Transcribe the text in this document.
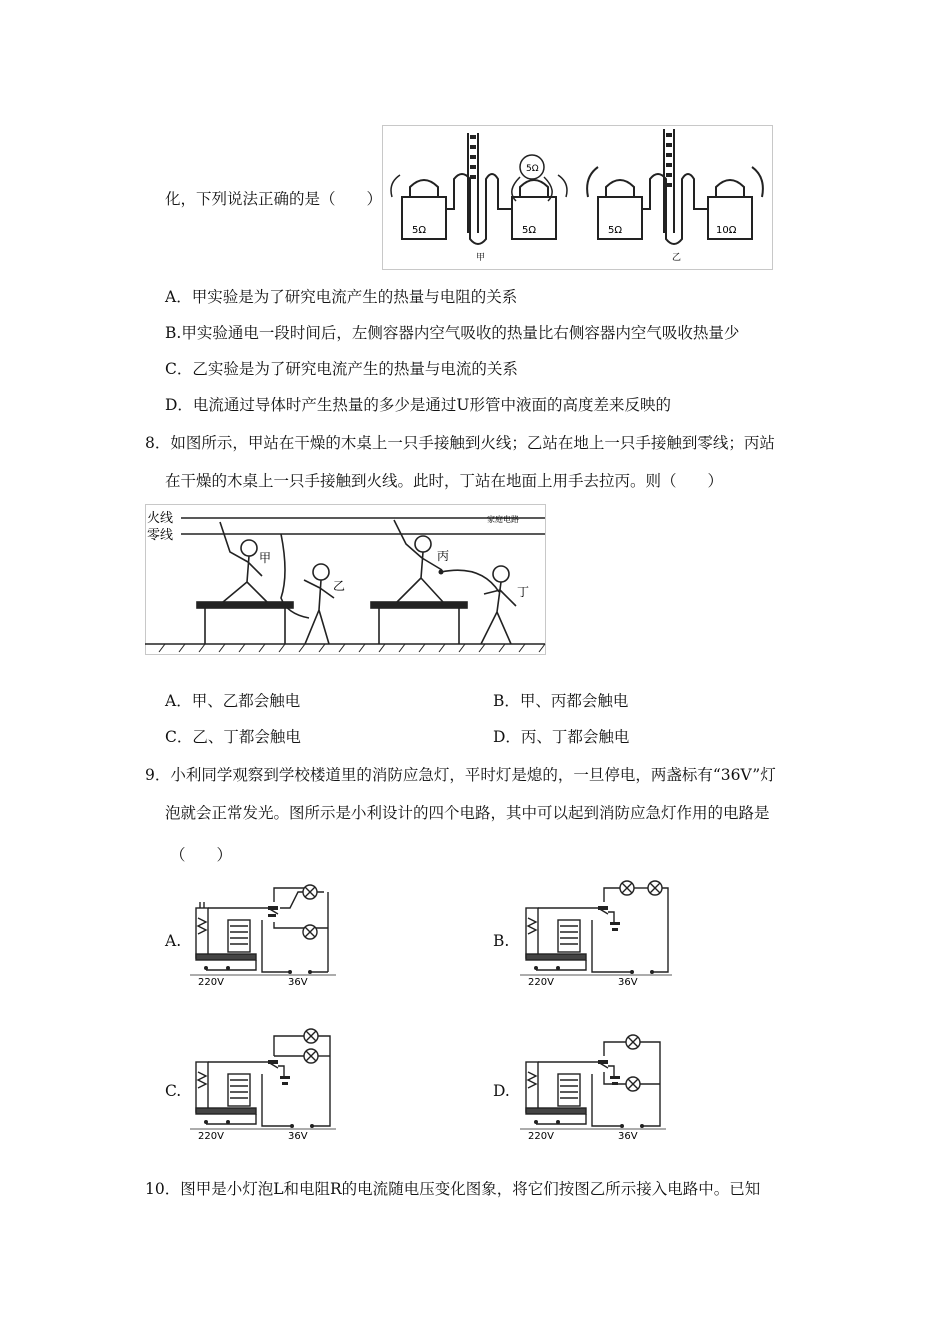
化，下列说法正确的是（　　）
5Ω
5Ω	5Ω
甲
5Ω	10Ω
乙
A．甲实验是为了研究电流产生的热量与电阻的关系
B.甲实验通电一段时间后，左侧容器内空气吸收的热量比右侧容器内空气吸收热量少
C．乙实验是为了研究电流产生的热量与电流的关系
D．电流通过导体时产生热量的多少是通过U形管中液面的高度差来反映的
8．如图所示，甲站在干燥的木桌上一只手接触到火线；乙站在地上一只手接触到零线；丙站
在干燥的木桌上一只手接触到火线。此时，丁站在地面上用手去拉丙。则（　　）
火线
零线
家庭电路
甲
乙
丙
丁
A．甲、乙都会触电	B．甲、丙都会触电
C．乙、丁都会触电	D．丙、丁都会触电
9．小利同学观察到学校楼道里的消防应急灯，平时灯是熄的，一旦停电，两盏标有“36V”灯
泡就会正常发光。图所示是小利设计的四个电路，其中可以起到消防应急灯作用的电路是
（　　）
A.
220V	36V
B.
220V	36V
C.
220V	36V
D.
220V	36V
10．图甲是小灯泡L和电阻R的电流随电压变化图象，将它们按图乙所示接入电路中。已知
